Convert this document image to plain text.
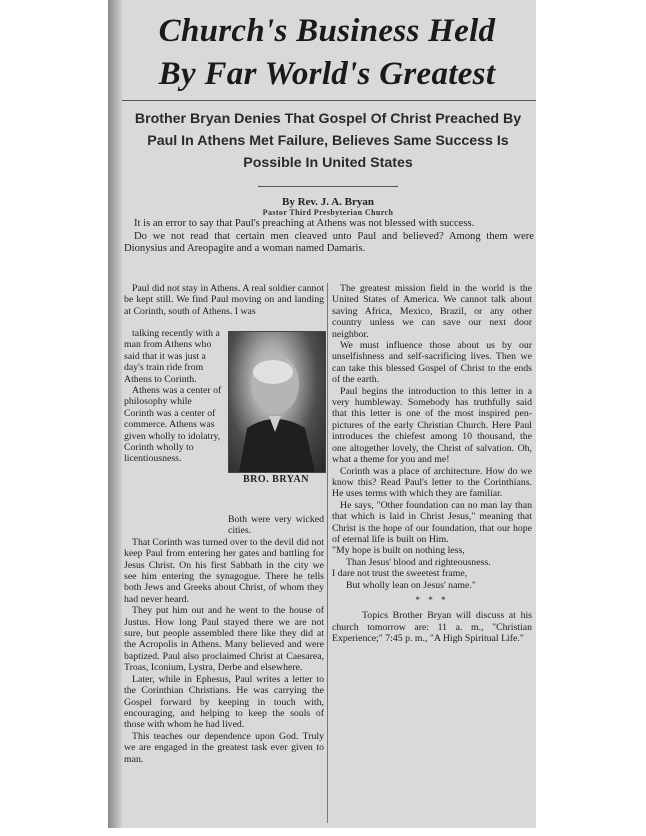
Church's Business Held
By Far World's Greatest
Brother Bryan Denies That Gospel Of Christ Preached By Paul In Athens Met Failure, Believes Same Success Is Possible In United States
By Rev. J. A. Bryan
Pastor Third Presbyterian Church

It is an error to say that Paul's preaching at Athens was not blessed with success.

Do we not read that certain men cleaved unto Paul and believed? Among them were Dionysius and Areopagite and a woman named Damaris.

Paul did not stay in Athens. A real soldier cannot be kept still. We find Paul moving on and landing at Corinth, south of Athens. I was

talking recently with a man from Athens who said that it was just a day's train ride from Athens to Corinth.

Athens was a center of philosophy while Corinth was a center of commerce. Athens was given wholly to idolatry, Corinth wholly to licentiousness.

BRO. BRYAN

Both were very wicked cities.

That Corinth was turned over to the devil did not keep Paul from entering her gates and battling for Jesus Christ. On his first Sabbath in the city we see him entering the synagogue. There he tells both Jews and Greeks about Christ, of whom they had never heard.

They put him out and he went to the house of Justus. How long Paul stayed there we are not sure, but people assembled there like they did at the Acropolis in Athens. Many believed and were baptized. Paul also proclaimed Christ at Caesarea, Troas, Iconium, Lystra, Derbe and elsewhere.

Later, while in Ephesus, Paul writes a letter to the Corinthian Christians. He was carrying the Gospel forward by keeping in touch with, encouraging, and helping to keep the souls of those with whom he had lived.

This teaches our dependence upon God. Truly we are engaged in the greatest task ever given to man.

The greatest mission field in the world is the United States of America. We cannot talk about saving Africa, Mexico, Brazil, or any other country unless we can save our next door neighbor.

We must influence those about us by our unselfishness and self-sacrificing lives. Then we can take this blessed Gospel of Christ to the ends of the earth.

Paul begins the introduction to this letter in a very humbleway. Somebody has truthfully said that this letter is one of the most inspired pen-pictures of the early Christian Church. Here Paul introduces the chiefest among 10 thousand, the one altogether lovely, the Christ of salvation. Oh, what a theme for you and me!

Corinth was a place of architecture. How do we know this? Read Paul's letter to the Corinthians. He uses terms with which they are familiar.

He says, "Other foundation can no man lay than that which is laid in Christ Jesus," meaning that Christ is the hope of our foundation, that our hope of eternal life is built on Him.

"My hope is built on nothing less,
Than Jesus' blood and righteousness.
I dare not trust the sweetest frame,
But wholly lean on Jesus' name."

* * *

Topics Brother Bryan will discuss at his church tomorrow are: 11 a. m., "Christian Experience;" 7:45 p. m., "A High Spiritual Life."
